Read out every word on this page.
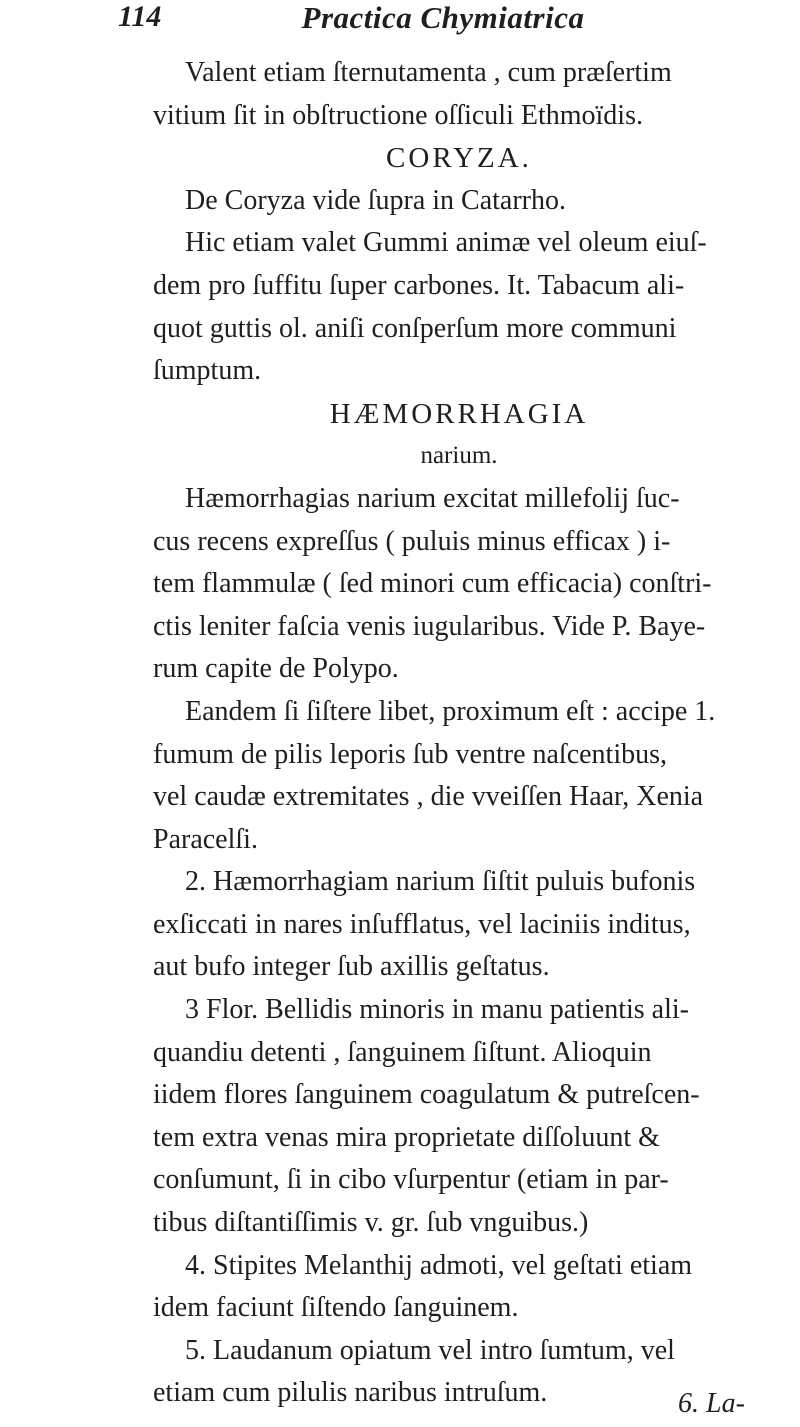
114	Practica Chymiatrica
Valent etiam ſternutamenta , cum præſertim
vitium ſit in obſtructione oſſiculi Ethmoïdis.
CORYZA.
De Coryza vide ſupra in Catarrho.
Hic etiam valet Gummi animæ vel oleum eiuſ-
dem pro ſuffitu ſuper carbones. It. Tabacum ali-
quot guttis ol. aniſi conſperſum more communi
ſumptum.
HÆMORRHAGIA
narium.
Hæmorrhagias narium excitat millefolij ſuc-
cus recens expreſſus ( puluis minus efficax ) i-
tem flammulæ ( ſed minori cum efficacia) conſtri-
ctis leniter faſcia venis iugularibus. Vide P. Baye-
rum capite de Polypo.
Eandem ſi ſiſtere libet, proximum eſt : accipe 1.
fumum de pilis leporis ſub ventre naſcentibus,
vel caudæ extremitates , die vveiſſen Haar, Xenia
Paracelſi.
2. Hæmorrhagiam narium ſiſtit puluis bufonis
exſiccati in nares inſufflatus, vel laciniis inditus,
aut bufo integer ſub axillis geſtatus.
3 Flor. Bellidis minoris in manu patientis ali-
quandiu detenti , ſanguinem ſiſtunt. Alioquin
iidem flores ſanguinem coagulatum & putreſcen-
tem extra venas mira proprietate diſſoluunt &
conſumunt, ſi in cibo vſurpentur (etiam in par-
tibus diſtantiſſimis v. gr. ſub vnguibus.)
4. Stipites Melanthij admoti, vel geſtati etiam
idem faciunt ſiſtendo ſanguinem.
5. Laudanum opiatum vel intro ſumtum, vel
etiam cum pilulis naribus intruſum.	6. La-
